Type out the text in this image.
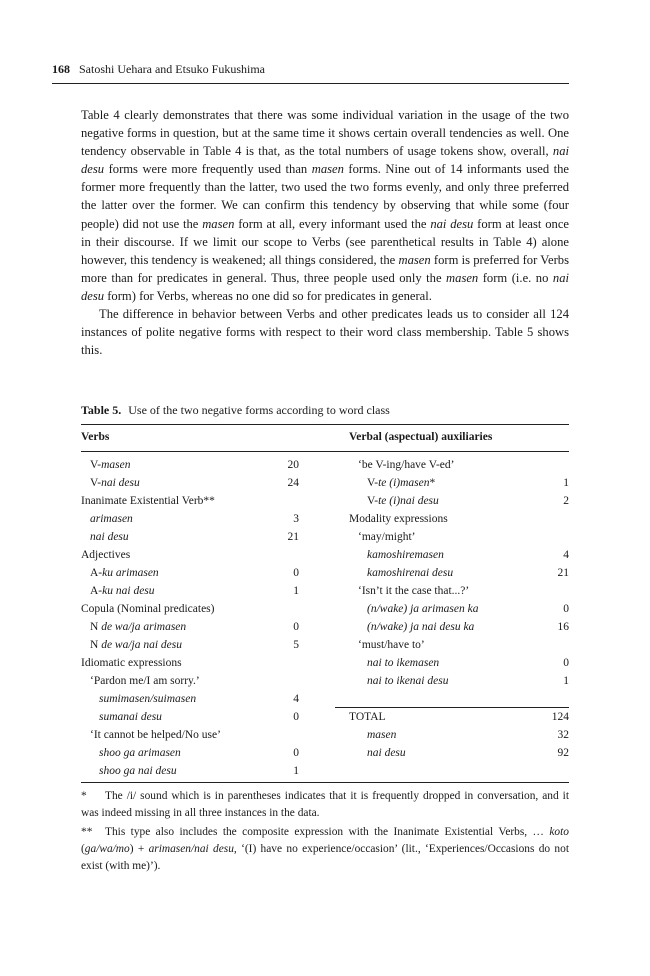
168 Satoshi Uehara and Etsuko Fukushima

Table 4 clearly demonstrates that there was some individual variation in the usage of the two negative forms in question, but at the same time it shows certain overall tendencies as well. One tendency observable in Table 4 is that, as the total numbers of usage tokens show, overall, nai desu forms were more frequently used than masen forms. Nine out of 14 informants used the former more frequently than the latter, two used the two forms evenly, and only three preferred the latter over the former. We can confirm this tendency by observing that while some (four people) did not use the masen form at all, every informant used the nai desu form at least once in their discourse. If we limit our scope to Verbs (see parenthetical results in Table 4) alone however, this tendency is weakened; all things considered, the masen form is preferred for Verbs more than for predicates in general. Thus, three people used only the masen form (i.e. no nai desu form) for Verbs, whereas no one did so for predicates in general.

The difference in behavior between Verbs and other predicates leads us to consider all 124 instances of polite negative forms with respect to their word class membership. Table 5 shows this.

Table 5. Use of the two negative forms according to word class
Verbs	Verbal (aspectual) auxiliaries
V-masen	20
V-nai desu	24
Inanimate Existential Verb**
arimasen	3
nai desu	21
Adjectives
A-ku arimasen	0
A-ku nai desu	1
Copula (Nominal predicates)
N de wa/ja arimasen	0
N de wa/ja nai desu	5
Idiomatic expressions
‘Pardon me/I am sorry.’
sumimasen/suimasen	4
sumanai desu	0
‘It cannot be helped/No use’
shoo ga arimasen	0
shoo ga nai desu	1
‘be V-ing/have V-ed’
V-te (i)masen*	1
V-te (i)nai desu	2
Modality expressions
‘may/might’
kamoshiremasen	4
kamoshirenai desu	21
‘Isn’t it the case that...?’
(n/wake) ja arimasen ka	0
(n/wake) ja nai desu ka	16
‘must/have to’
nai to ikemasen	0
nai to ikenai desu	1
TOTAL	124
masen	32
nai desu	92
* The /i/ sound which is in parentheses indicates that it is frequently dropped in conversation, and it was indeed missing in all three instances in the data.
** This type also includes the composite expression with the Inanimate Existential Verbs, … koto (ga/wa/mo) + arimasen/nai desu, ‘(I) have no experience/occasion’ (lit., ‘Experiences/Occasions do not exist (with me)’).
